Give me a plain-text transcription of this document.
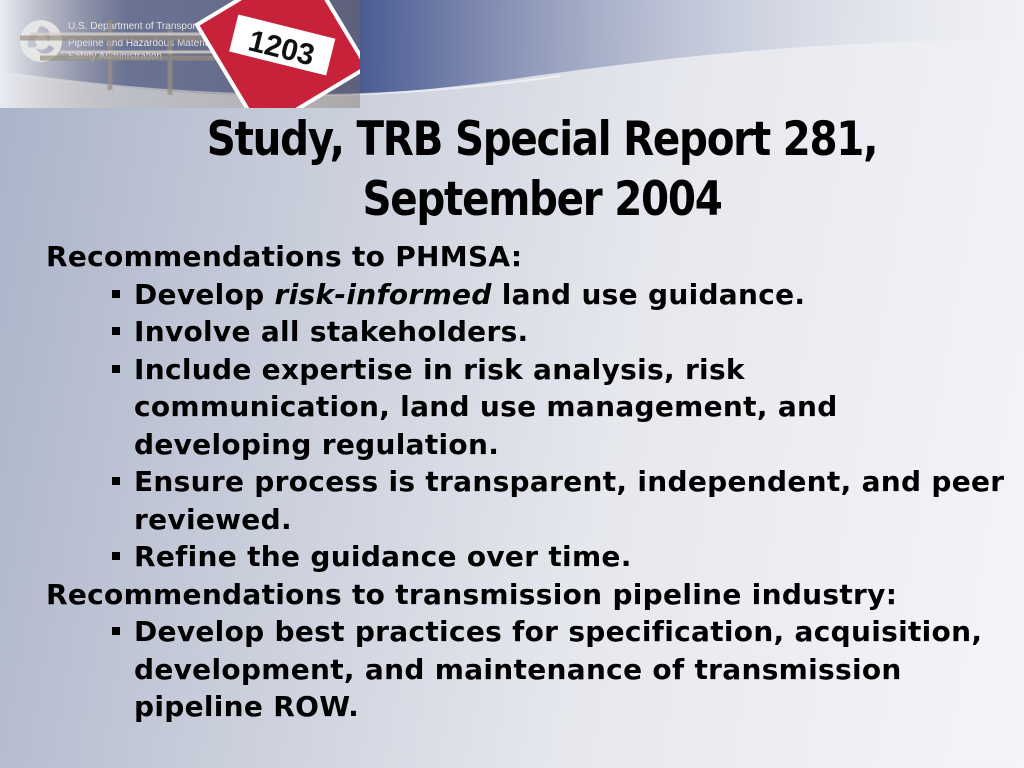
1203
Study, TRB Special Report 281,
September 2004

Recommendations to PHMSA:

Develop risk-informed land use guidance.
Involve all stakeholders.
Include expertise in risk analysis, risk communication, land use management, and developing regulation.
Ensure process is transparent, independent, and peer reviewed.
Refine the guidance over time.

Recommendations to transmission pipeline industry:

Develop best practices for specification, acquisition, development, and maintenance of transmission pipeline ROW.
